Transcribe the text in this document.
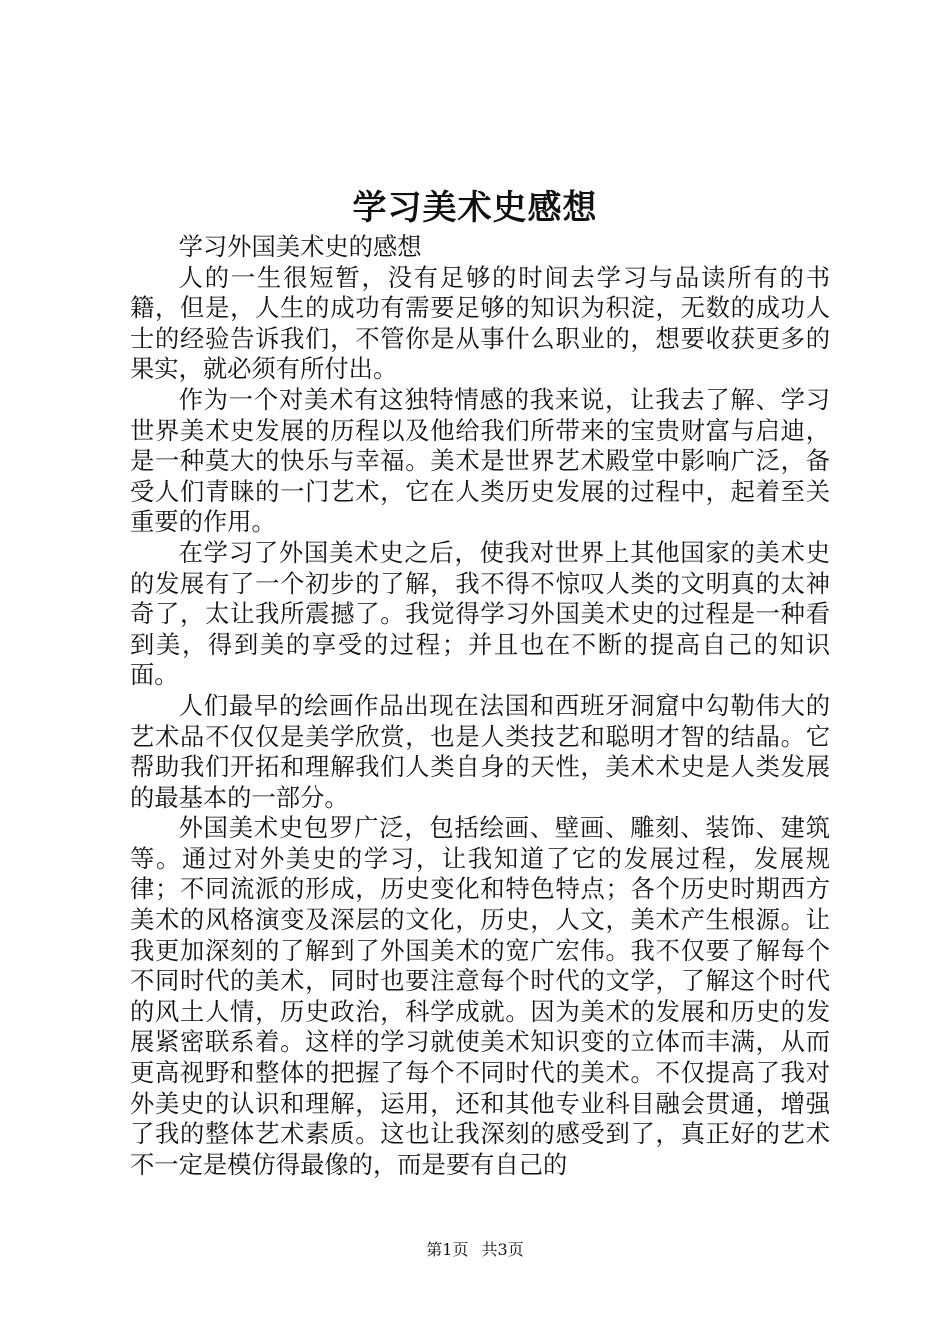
学习美术史感想

学习外国美术史的感想

人的一生很短暂，没有足够的时间去学习与品读所有的书籍，但是，人生的成功有需要足够的知识为积淀，无数的成功人士的经验告诉我们，不管你是从事什么职业的，想要收获更多的果实，就必须有所付出。

作为一个对美术有这独特情感的我来说，让我去了解、学习世界美术史发展的历程以及他给我们所带来的宝贵财富与启迪，是一种莫大的快乐与幸福。美术是世界艺术殿堂中影响广泛，备受人们青睐的一门艺术，它在人类历史发展的过程中，起着至关重要的作用。

在学习了外国美术史之后，使我对世界上其他国家的美术史的发展有了一个初步的了解，我不得不惊叹人类的文明真的太神奇了，太让我所震撼了。我觉得学习外国美术史的过程是一种看到美，得到美的享受的过程；并且也在不断的提高自己的知识面。

人们最早的绘画作品出现在法国和西班牙洞窟中勾勒伟大的艺术品不仅仅是美学欣赏，也是人类技艺和聪明才智的结晶。它帮助我们开拓和理解我们人类自身的天性，美术术史是人类发展的最基本的一部分。

外国美术史包罗广泛，包括绘画、壁画、雕刻、装饰、建筑等。通过对外美史的学习，让我知道了它的发展过程，发展规律；不同流派的形成，历史变化和特色特点；各个历史时期西方美术的风格演变及深层的文化，历史，人文，美术产生根源。让我更加深刻的了解到了外国美术的宽广宏伟。我不仅要了解每个不同时代的美术，同时也要注意每个时代的文学，了解这个时代的风土人情，历史政治，科学成就。因为美术的发展和历史的发展紧密联系着。这样的学习就使美术知识变的立体而丰满，从而更高视野和整体的把握了每个不同时代的美术。不仅提高了我对外美史的认识和理解，运用，还和其他专业科目融会贯通，增强了我的整体艺术素质。这也让我深刻的感受到了，真正好的艺术不一定是模仿得最像的，而是要有自己的

第1页 共3页
